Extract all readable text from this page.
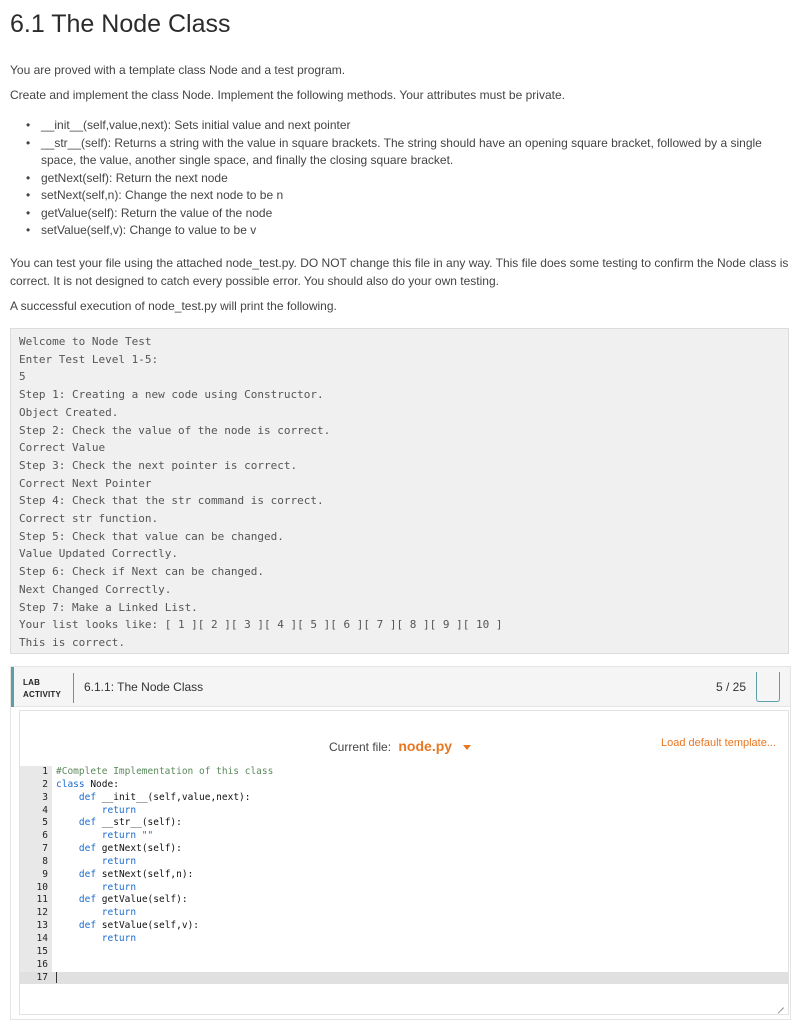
6.1 The Node Class
You are proved with a template class Node and a test program.
Create and implement the class Node. Implement the following methods. Your attributes must be private.
• __init__(self,value,next): Sets initial value and next pointer
• __str__(self): Returns a string with the value in square brackets. The string should have an opening square bracket, followed by a single space, the value, another single space, and finally the closing square bracket.
• getNext(self): Return the next node
• setNext(self,n): Change the next node to be n
• getValue(self): Return the value of the node
• setValue(self,v): Change to value to be v
You can test your file using the attached node_test.py. DO NOT change this file in any way. This file does some testing to confirm the Node class is correct. It is not designed to catch every possible error. You should also do your own testing.
A successful execution of node_test.py will print the following.
Welcome to Node Test
Enter Test Level 1-5:
5
Step 1: Creating a new code using Constructor.
Object Created.
Step 2: Check the value of the node is correct.
Correct Value
Step 3: Check the next pointer is correct.
Correct Next Pointer
Step 4: Check that the str command is correct.
Correct str function.
Step 5: Check that value can be changed.
Value Updated Correctly.
Step 6: Check if Next can be changed.
Next Changed Correctly.
Step 7: Make a Linked List.
Your list looks like: [ 1 ][ 2 ][ 3 ][ 4 ][ 5 ][ 6 ][ 7 ][ 8 ][ 9 ][ 10 ]
This is correct.
LAB
ACTIVITY
6.1.1: The Node Class	5 / 25
Current file: node.py	Load default template...
1 #Complete Implementation of this class
2 class Node:
3	def __init__(self,value,next):
4 return
5	def __str__(self):
6 return ""
7	def getNext(self):
8 return
9	def setNext(self,n):
10 return
11	def getValue(self):
12 return
13	def setValue(self,v):
14 return
15
16
17
